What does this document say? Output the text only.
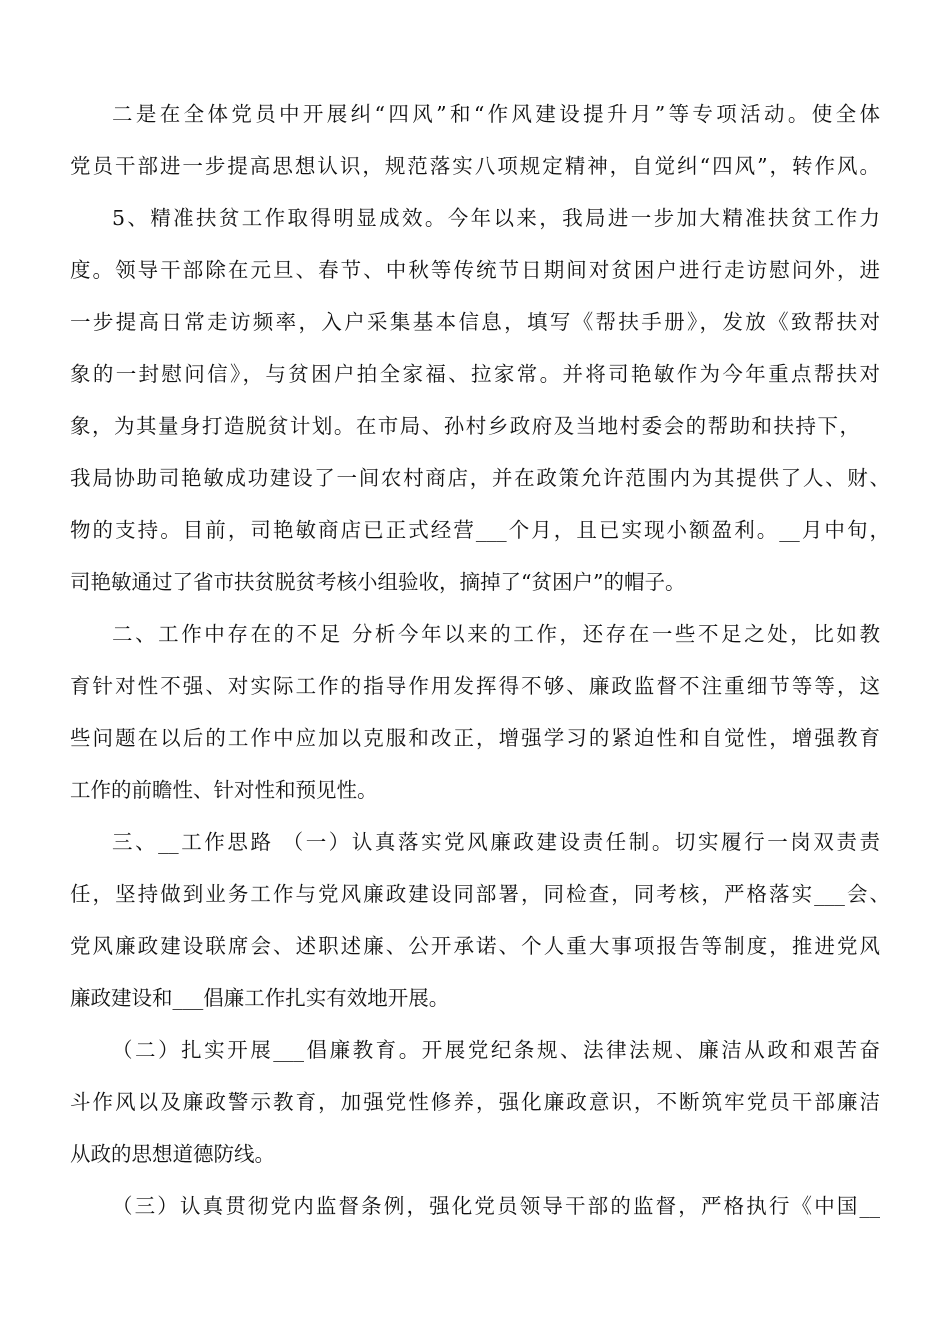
二是在全体党员中开展纠“四风”和“作风建设提升月”等专项活动。使全体

党员干部进一步提高思想认识，规范落实八项规定精神，自觉纠“四风”，转作风。

5、精准扶贫工作取得明显成效。今年以来，我局进一步加大精准扶贫工作力

度。领导干部除在元旦、春节、中秋等传统节日期间对贫困户进行走访慰问外，进

一步提高日常走访频率，入户采集基本信息，填写《帮扶手册》，发放《致帮扶对

象的一封慰问信》，与贫困户拍全家福、拉家常。并将司艳敏作为今年重点帮扶对

象，为其量身打造脱贫计划。在市局、孙村乡政府及当地村委会的帮助和扶持下，

我局协助司艳敏成功建设了一间农村商店，并在政策允许范围内为其提供了人、财、

物的支持。目前，司艳敏商店已正式经营___个月，且已实现小额盈利。__月中旬，

司艳敏通过了省市扶贫脱贫考核小组验收，摘掉了“贫困户”的帽子。

二、工作中存在的不足 分析今年以来的工作，还存在一些不足之处，比如教

育针对性不强、对实际工作的指导作用发挥得不够、廉政监督不注重细节等等，这

些问题在以后的工作中应加以克服和改正，增强学习的紧迫性和自觉性，增强教育

工作的前瞻性、针对性和预见性。

三、__工作思路 （一）认真落实党风廉政建设责任制。切实履行一岗双责责

任，坚持做到业务工作与党风廉政建设同部署，同检查，同考核，严格落实___会、

党风廉政建设联席会、述职述廉、公开承诺、个人重大事项报告等制度，推进党风

廉政建设和___倡廉工作扎实有效地开展。

（二）扎实开展___倡廉教育。开展党纪条规、法律法规、廉洁从政和艰苦奋

斗作风以及廉政警示教育，加强党性修养，强化廉政意识，不断筑牢党员干部廉洁

从政的思想道德防线。

（三）认真贯彻党内监督条例，强化党员领导干部的监督，严格执行《中国__
